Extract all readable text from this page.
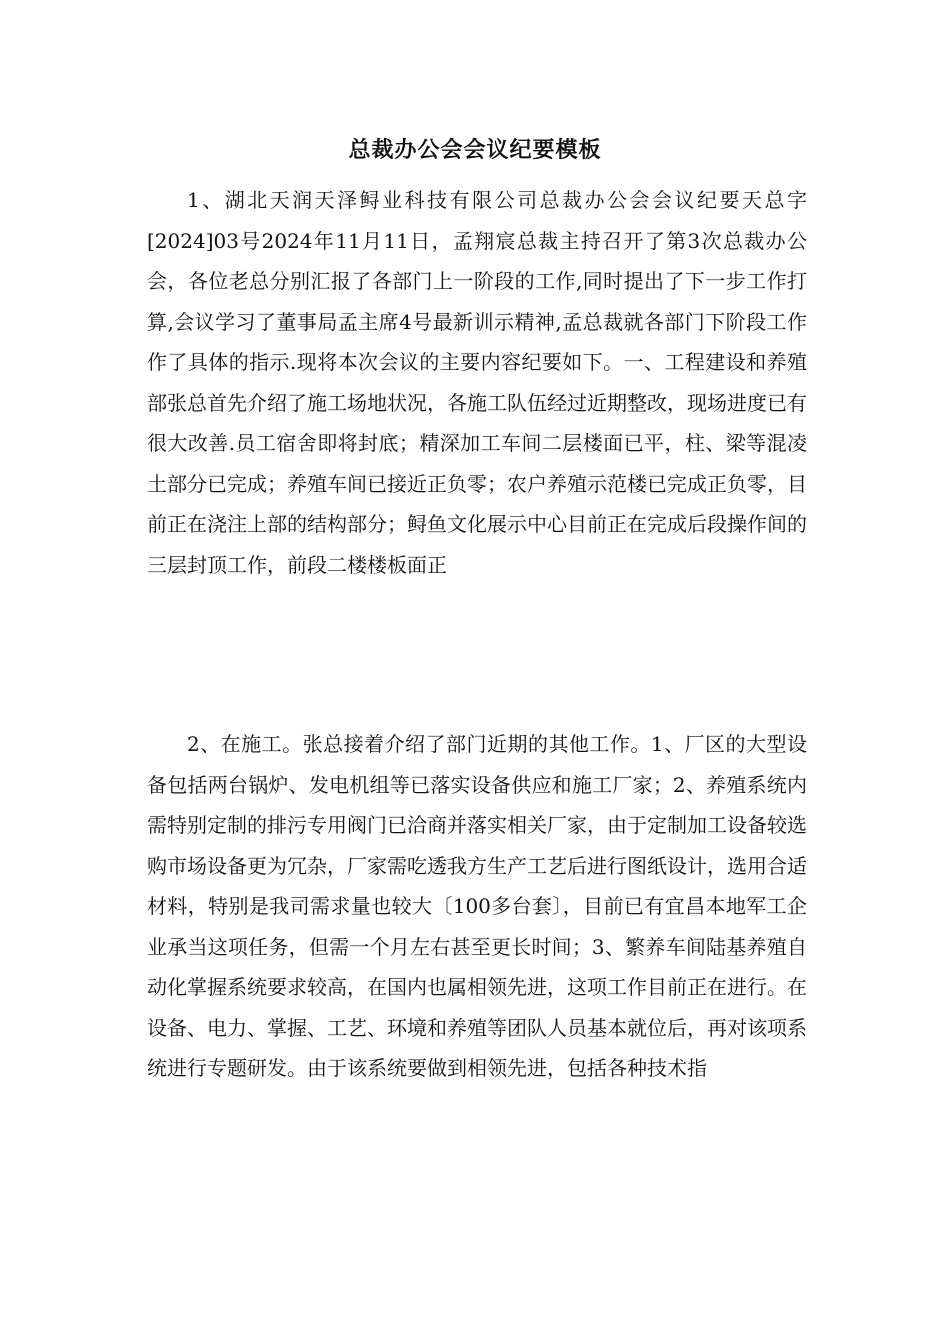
总裁办公会会议纪要模板

1、湖北天润天泽鲟业科技有限公司总裁办公会会议纪要天总字[2024]03号2024年11月11日，孟翔宸总裁主持召开了第3次总裁办公会，各位老总分别汇报了各部门上一阶段的工作,同时提出了下一步工作打算,会议学习了董事局孟主席4号最新训示精神,孟总裁就各部门下阶段工作作了具体的指示.现将本次会议的主要内容纪要如下。一、工程建设和养殖部张总首先介绍了施工场地状况，各施工队伍经过近期整改，现场进度已有很大改善.员工宿舍即将封底；精深加工车间二层楼面已平，柱、梁等混凌土部分已完成；养殖车间已接近正负零；农户养殖示范楼已完成正负零，目前正在浇注上部的结构部分；鲟鱼文化展示中心目前正在完成后段操作间的三层封顶工作，前段二楼楼板面正

2、在施工。张总接着介绍了部门近期的其他工作。1、厂区的大型设备包括两台锅炉、发电机组等已落实设备供应和施工厂家；2、养殖系统内需特别定制的排污专用阀门已洽商并落实相关厂家，由于定制加工设备较选购市场设备更为冗杂，厂家需吃透我方生产工艺后进行图纸设计，选用合适材料，特别是我司需求量也较大〔100多台套〕，目前已有宜昌本地军工企业承当这项任务，但需一个月左右甚至更长时间；3、繁养车间陆基养殖自动化掌握系统要求较高，在国内也属相领先进，这项工作目前正在进行。在设备、电力、掌握、工艺、环境和养殖等团队人员基本就位后，再对该项系统进行专题研发。由于该系统要做到相领先进，包括各种技术指
